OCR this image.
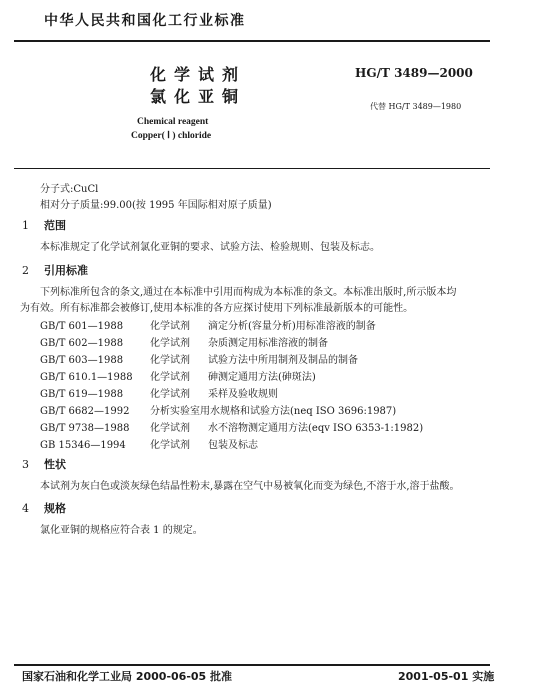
中华人民共和国化工行业标准
化学试剂
氯化亚铜
HG/T 3489—2000
代替 HG/T 3489—1980
Chemical reagent
Copper( Ⅰ ) chloride
分子式:CuCl
相对分子质量:99.00(按 1995 年国际相对原子质量)
1 范围
本标准规定了化学试剂氯化亚铜的要求、试验方法、检验规则、包装及标志。
2 引用标准
下列标准所包含的条文,通过在本标准中引用而构成为本标准的条文。本标准出版时,所示版本均
为有效。所有标准都会被修订,使用本标准的各方应探讨使用下列标准最新版本的可能性。
GB/T 601—1988	化学试剂 滴定分析(容量分析)用标准溶液的制备
GB/T 602—1988	化学试剂 杂质测定用标准溶液的制备
GB/T 603—1988	化学试剂 试验方法中所用制剂及制品的制备
GB/T 610.1—1988 化学试剂 砷测定通用方法(砷斑法)
GB/T 619—1988	化学试剂 采样及验收规则
GB/T 6682—1992 分析实验室用水规格和试验方法(neq ISO 3696:1987)
GB/T 9738—1988 化学试剂 水不溶物测定通用方法(eqv ISO 6353-1:1982)
GB 15346—1994 化学试剂 包装及标志
3 性状
本试剂为灰白色或淡灰绿色结晶性粉末,暴露在空气中易被氧化而变为绿色,不溶于水,溶于盐酸。
4 规格
氯化亚铜的规格应符合表 1 的规定。
国家石油和化学工业局 2000-06-05 批准	2001-05-01 实施
